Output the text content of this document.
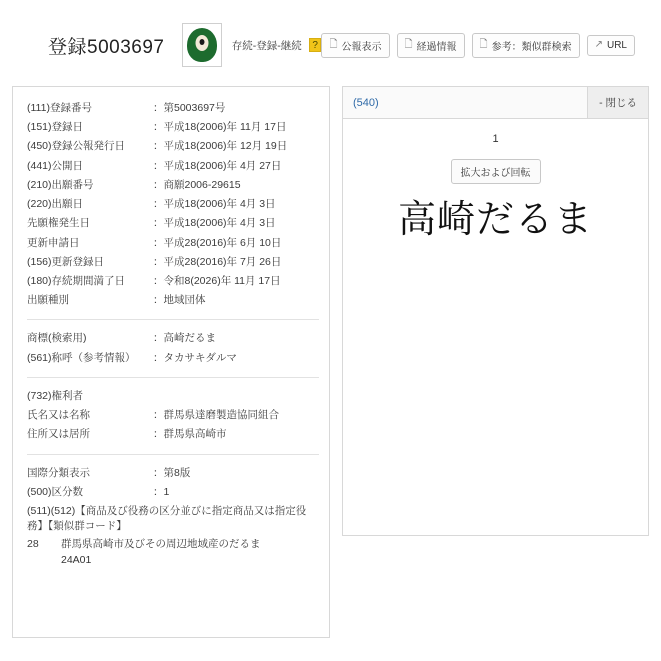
登録5003697	存続-登録-継続	?	🗋 公報表示 🗋 経過情報 🗋 参考：類似群検索 ↗ URL
(111)登録番号	：	第5003697号
(151)登録日	：	平成18(2006)年 11月 17日
(450)登録公報発行日	：	平成18(2006)年 12月 19日
(441)公開日	：	平成18(2006)年 4月 27日
(210)出願番号	：	商願2006-29615
(220)出願日	：	平成18(2006)年 4月 3日
先願権発生日	：	平成18(2006)年 4月 3日
更新申請日	：	平成28(2016)年 6月 10日
(156)更新登録日	：	平成28(2016)年 7月 26日
(180)存続期間満了日	：	令和8(2026)年 11月 17日
出願種別	：	地域団体
商標(検索用)	：	高崎だるま
(561)称呼（参考情報）	：	タカサキダルマ
(732)権利者		
氏名又は名称	：	群馬県達磨製造協同組合
住所又は居所	：	群馬県高崎市
国際分類表示	：	第8版
(500)区分数	：	1
(511)(512)【商品及び役務の区分並びに指定商品又は指定役務】【類似群コード】
28	群馬県高崎市及びその周辺地域産のだるま
24A01
(540)	- 閉じる
1
拡大および回転
高崎だるま
